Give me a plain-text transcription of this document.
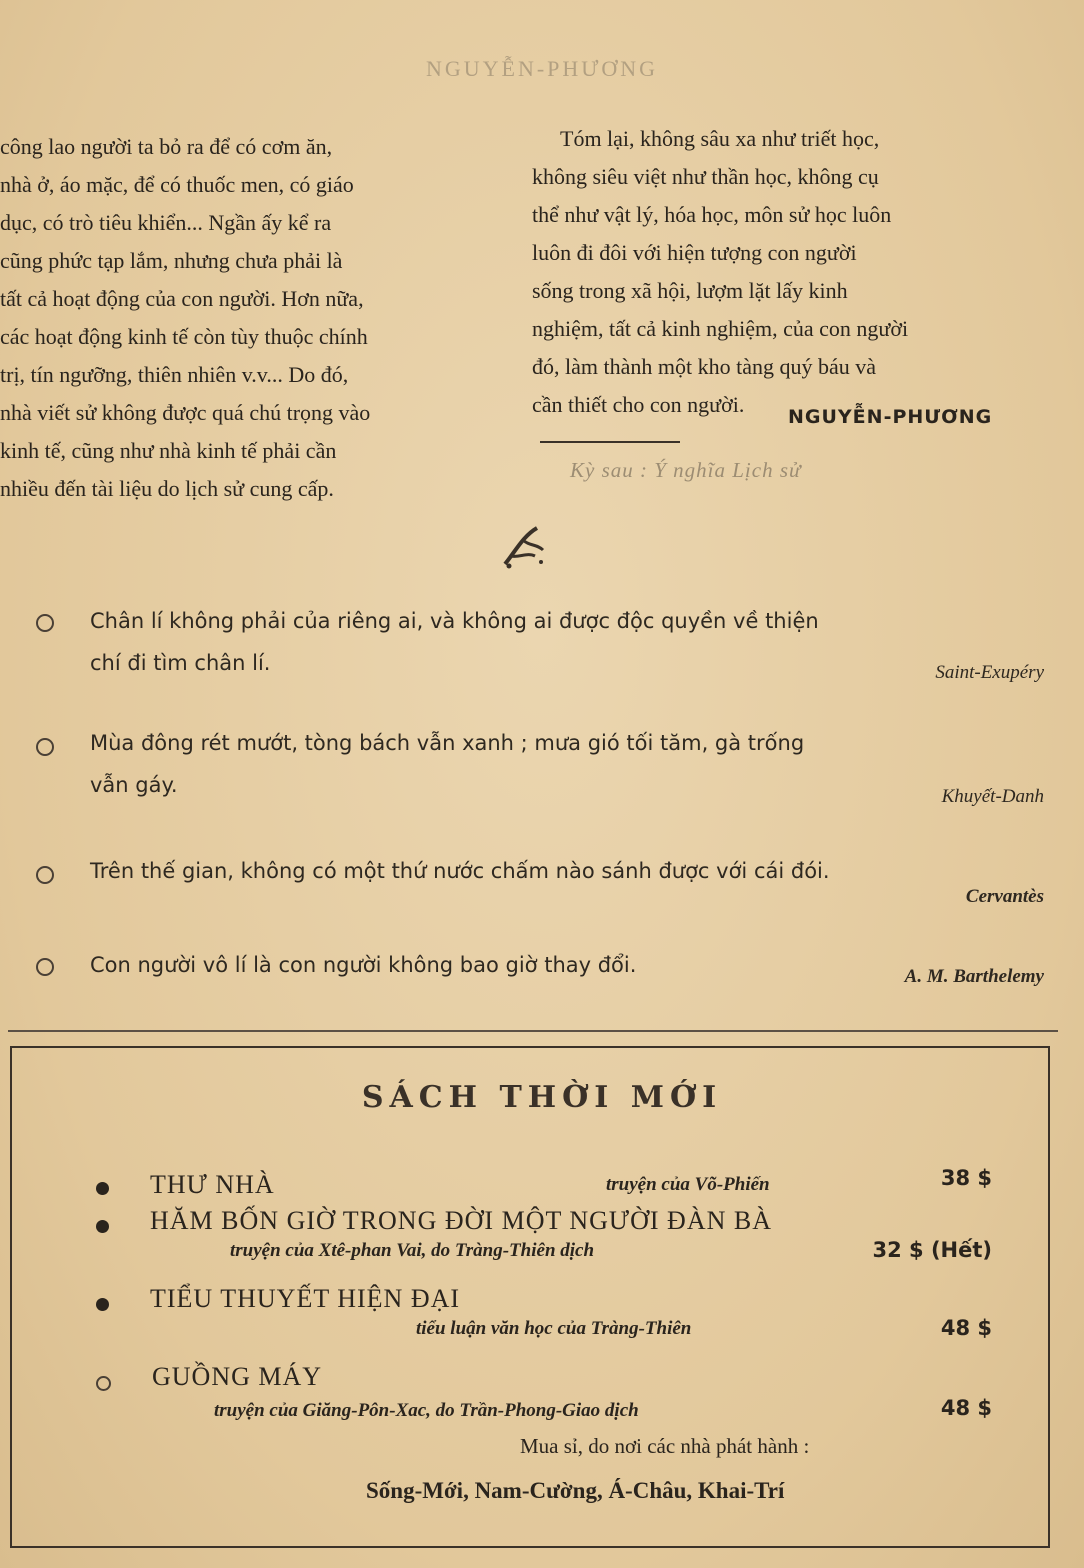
NGUYỄN-PHƯƠNG
công lao người ta bỏ ra để có cơm ăn,
nhà ở, áo mặc, để có thuốc men, có giáo
dục, có trò tiêu khiển... Ngần ấy kể ra
cũng phức tạp lắm, nhưng chưa phải là
tất cả hoạt động của con người. Hơn nữa,
các hoạt động kinh tế còn tùy thuộc chính
trị, tín ngưỡng, thiên nhiên v.v... Do đó,
nhà viết sử không được quá chú trọng vào
kinh tế, cũng như nhà kinh tế phải cần
nhiều đến tài liệu do lịch sử cung cấp.
Tóm lại, không sâu xa như triết học,
không siêu việt như thần học, không cụ
thể như vật lý, hóa học, môn sử học luôn
luôn đi đôi với hiện tượng con người
sống trong xã hội, lượm lặt lấy kinh
nghiệm, tất cả kinh nghiệm, của con người
đó, làm thành một kho tàng quý báu và
cần thiết cho con người.	NGUYỄN-PHƯƠNG
Kỳ sau : Ý nghĩa Lịch sử
Chân lí không phải của riêng ai, và không ai được độc quyền về thiện
chí đi tìm chân lí.	Saint-Exupéry
Mùa đông rét mướt, tòng bách vẫn xanh ; mưa gió tối tăm, gà trống
vẫn gáy.	Khuyết-Danh
Trên thế gian, không có một thứ nước chấm nào sánh được với cái đói.
Cervantès
Con người vô lí là con người không bao giờ thay đổi.	A. M. Barthelemy
SÁCH THỜI MỚI
THƯ NHÀ	truyện của Võ-Phiến	38 $
HĂM BỐN GIỜ TRONG ĐỜI MỘT NGƯỜI ĐÀN BÀ
truyện của Xtê-phan Vai, do Tràng-Thiên dịch	32 $ (Hết)
TIỂU THUYẾT HIỆN ĐẠI
tiểu luận văn học của Tràng-Thiên	48 $
GUỒNG MÁY
truyện của Giăng-Pôn-Xac, do Trần-Phong-Giao dịch	48 $
Mua sỉ, do nơi các nhà phát hành :
Sống-Mới, Nam-Cường, Á-Châu, Khai-Trí
